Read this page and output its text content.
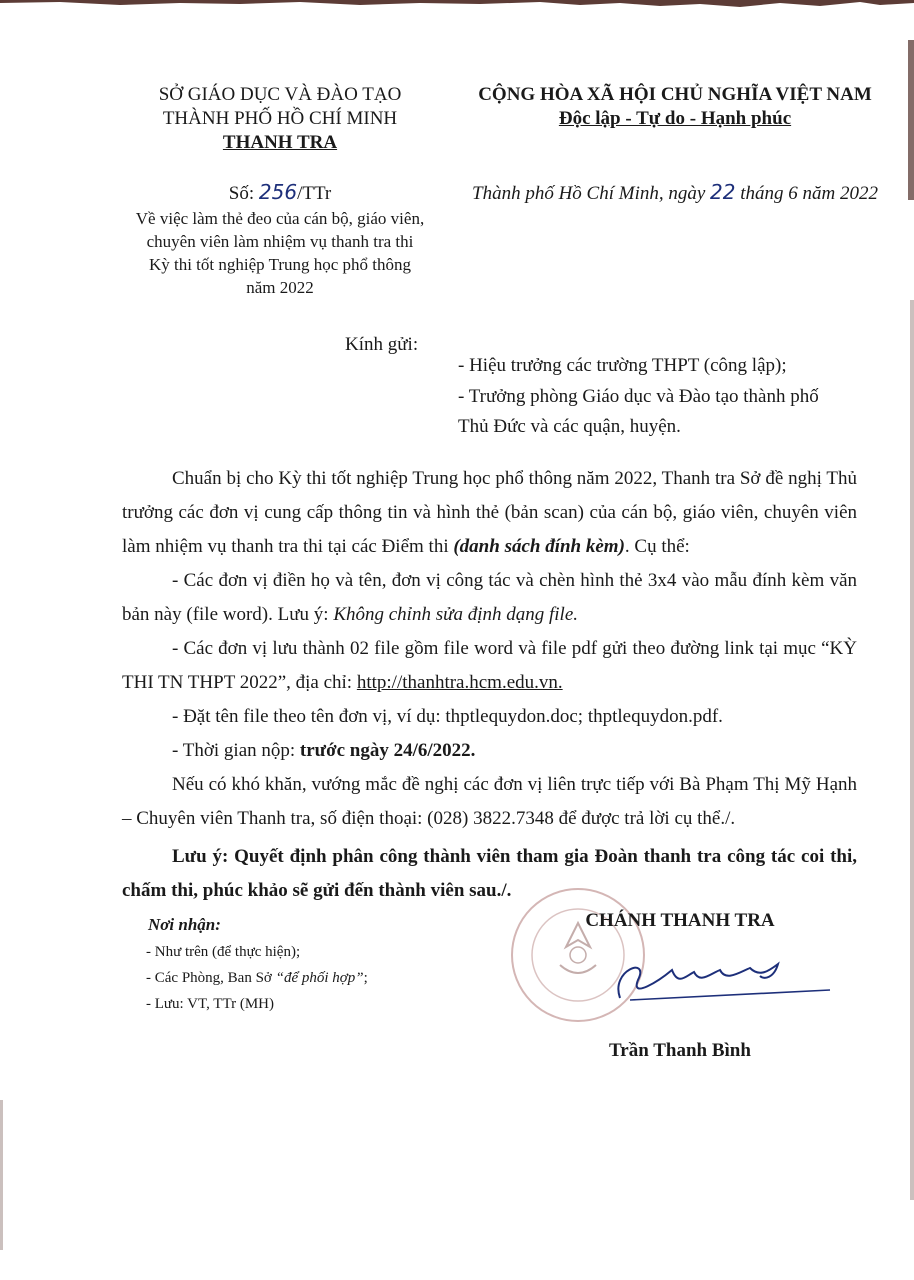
SỞ GIÁO DỤC VÀ ĐÀO TẠO
THÀNH PHỐ HỒ CHÍ MINH
THANH TRA
CỘNG HÒA XÃ HỘI CHỦ NGHĨA VIỆT NAM
Độc lập - Tự do - Hạnh phúc
Số: 256/TTr
Về việc làm thẻ đeo của cán bộ, giáo viên,
chuyên viên làm nhiệm vụ thanh tra thi
Kỳ thi tốt nghiệp Trung học phổ thông
năm 2022
Thành phố Hồ Chí Minh, ngày 22 tháng 6 năm 2022
Kính gửi:
- Hiệu trưởng các trường THPT (công lập);
- Trưởng phòng Giáo dục và Đào tạo thành phố
Thủ Đức và các quận, huyện.
Chuẩn bị cho Kỳ thi tốt nghiệp Trung học phổ thông năm 2022, Thanh tra Sở đề nghị Thủ trưởng các đơn vị cung cấp thông tin và hình thẻ (bản scan) của cán bộ, giáo viên, chuyên viên làm nhiệm vụ thanh tra thi tại các Điểm thi (danh sách đính kèm). Cụ thể:
- Các đơn vị điền họ và tên, đơn vị công tác và chèn hình thẻ 3x4 vào mẫu đính kèm văn bản này (file word). Lưu ý: Không chỉnh sửa định dạng file.
- Các đơn vị lưu thành 02 file gồm file word và file pdf gửi theo đường link tại mục “KỲ THI TN THPT 2022”, địa chỉ: http://thanhtra.hcm.edu.vn.
- Đặt tên file theo tên đơn vị, ví dụ: thptlequydon.doc; thptlequydon.pdf.
- Thời gian nộp: trước ngày 24/6/2022.
Nếu có khó khăn, vướng mắc đề nghị các đơn vị liên trực tiếp với Bà Phạm Thị Mỹ Hạnh – Chuyên viên Thanh tra, số điện thoại: (028) 3822.7348 để được trả lời cụ thể./.
Lưu ý: Quyết định phân công thành viên tham gia Đoàn thanh tra công tác coi thi, chấm thi, phúc khảo sẽ gửi đến thành viên sau./.
Nơi nhận:
- Như trên (để thực hiện);
- Các Phòng, Ban Sở “để phối hợp”;
- Lưu: VT, TTr (MH)
CHÁNH THANH TRA
Trần Thanh Bình
